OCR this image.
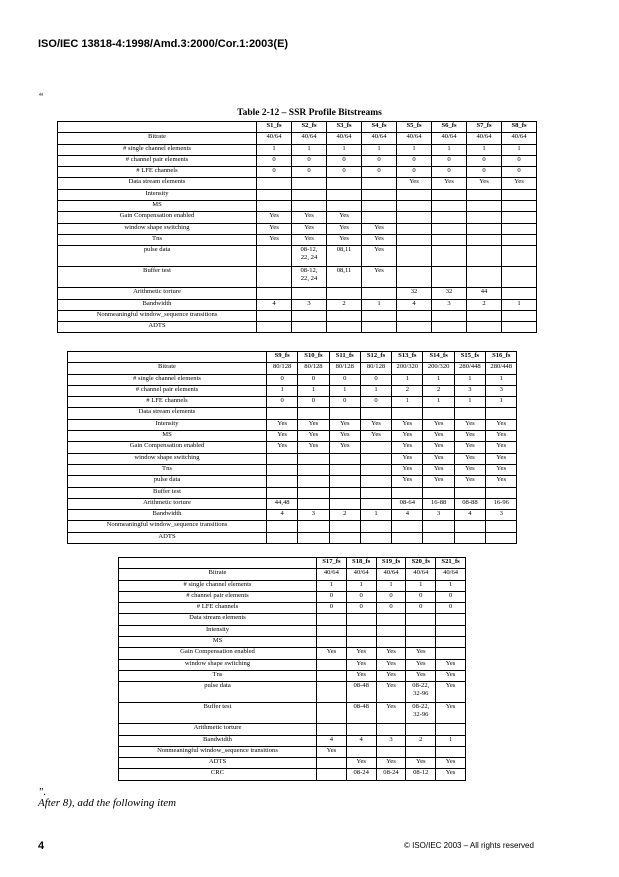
ISO/IEC 13818-4:1998/Amd.3:2000/Cor.1:2003(E)
“
Table 2-12 – SSR Profile Bitstreams
	S1_fs	S2_fs	S3_fs	S4_fs	S5_fs	S6_fs	S7_fs	S8_fs
Bitrate	40/64	40/64	40/64	40/64	40/64	40/64	40/64	40/64
# single channel elements	1	1	1	1	1	1	1	1
# channel pair elements	0	0	0	0	0	0	0	0
# LFE channels	0	0	0	0	0	0	0	0
Data stream elements					Yes	Yes	Yes	Yes
Intensity								
MS								
Gain Compensation enabled	Yes	Yes	Yes					
window shape switching	Yes	Yes	Yes	Yes				
Tns	Yes	Yes	Yes	Yes				
pulse data		08-12,
22, 24	08,11	Yes				
Buffer test		08-12,
22, 24	08,11	Yes				
Arithmetic torture					32	32	44	
Bandwidth	4	3	2	1	4	3	2	1
Nonmeaningful window_sequence transitions								
ADTS								
	S9_fs	S10_fs	S11_fs	S12_fs	S13_fs	S14_fs	S15_fs	S16_fs
Bitrate	80/128	80/128	80/128	80/128	200/320	200/320	280/448	280/448
# single channel elements	0	0	0	0	1	1	1	1
# channel pair elements	1	1	1	1	2	2	3	3
# LFE channels	0	0	0	0	1	1	1	1
Data stream elements								
Intensity	Yes	Yes	Yes	Yes	Yes	Yes	Yes	Yes
MS	Yes	Yes	Yes	Yes	Yes	Yes	Yes	Yes
Gain Compensation enabled	Yes	Yes	Yes		Yes	Yes	Yes	Yes
window shape switching					Yes	Yes	Yes	Yes
Tns					Yes	Yes	Yes	Yes
pulse data					Yes	Yes	Yes	Yes
Buffer test								
Arithmetic torture	44,48				08-64	16-88	08-88	16-96
Bandwidth	4	3	2	1	4	3	4	3
Nonmeaningful window_sequence transitions								
ADTS								
	S17_fs	S18_fs	S19_fs	S20_fs	S21_fs
Bitrate	40/64	40/64	40/64	40/64	40/64
# single channel elements	1	1	1	1	1
# channel pair elements	0	0	0	0	0
# LFE channels	0	0	0	0	0
Data stream elements					
Intensity					
MS					
Gain Compensation enabled	Yes	Yes	Yes	Yes	
window shape switching		Yes	Yes	Yes	Yes
Tns		Yes	Yes	Yes	Yes
pulse data		08-48	Yes	08-22,
32-96	Yes
Buffer test		08-48	Yes	08-22,
32-96	Yes
Arithmetic torture					
Bandwidth	4	4	3	2	1
Nonmeaningful window_sequence transitions	Yes				
ADTS		Yes	Yes	Yes	Yes
CRC		08-24	08-24	08-12	Yes
”.
After 8), add the following item
4	© ISO/IEC 2003 – All rights reserved
